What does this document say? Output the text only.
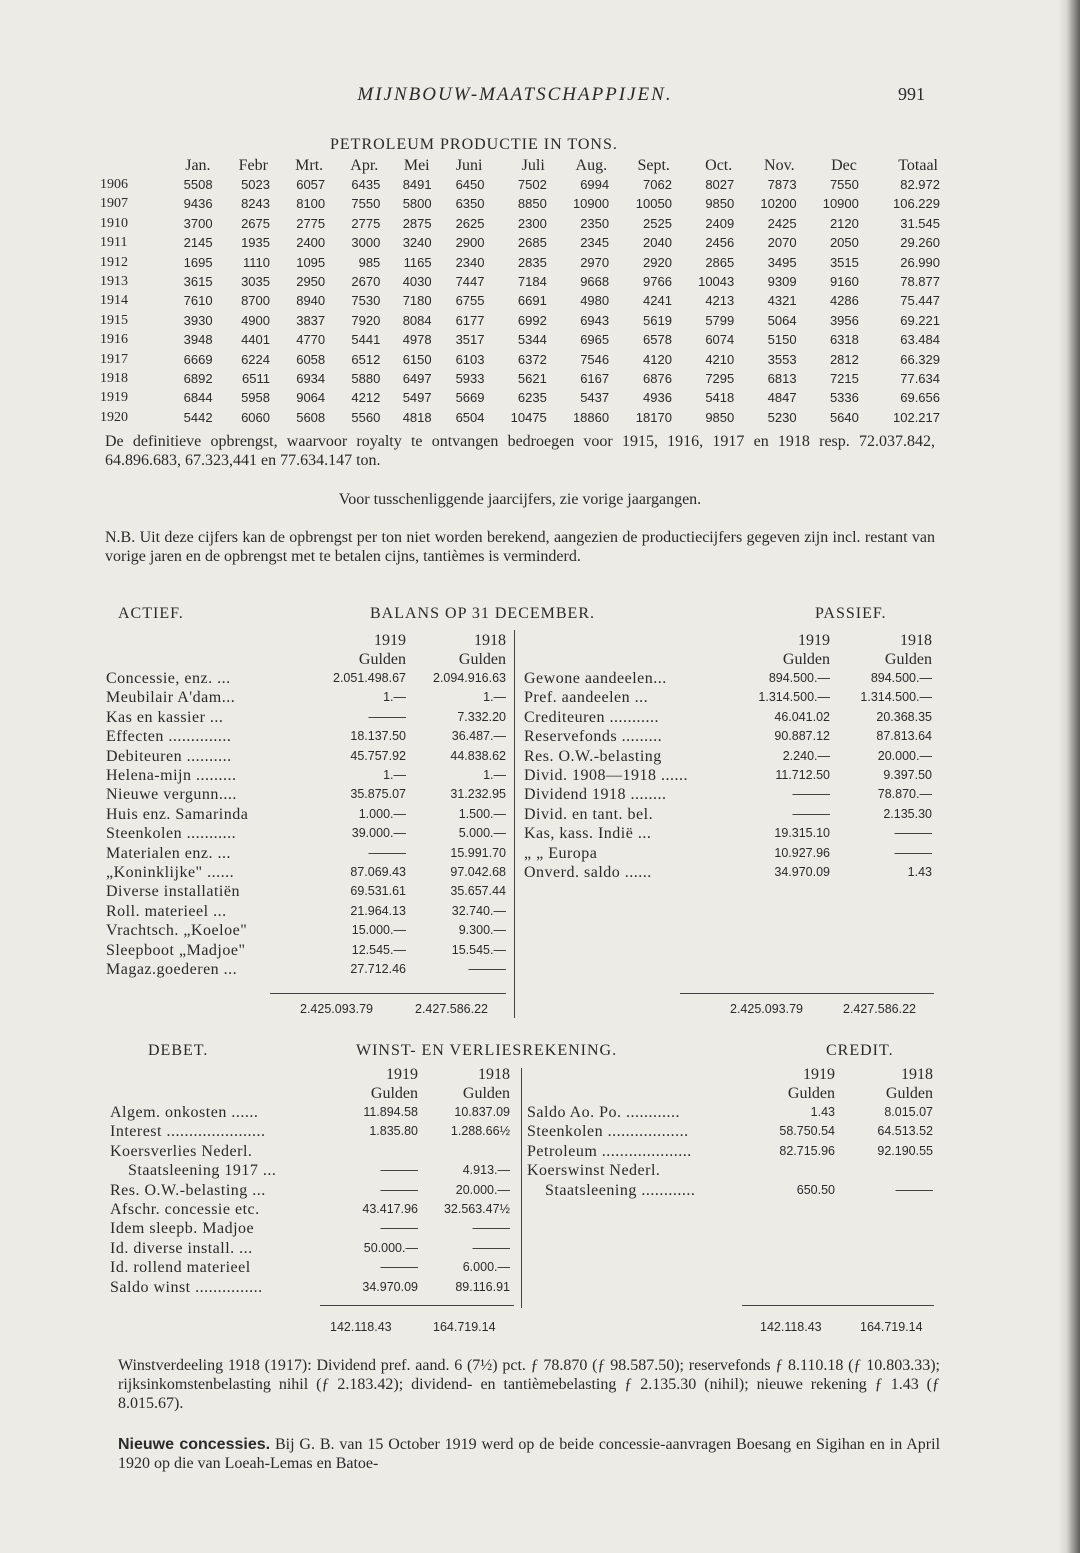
MIJNBOUW-MAATSCHAPPIJEN.	991
PETROLEUM PRODUCTIE IN TONS.
	Jan.	Febr	Mrt.	Apr.	Mei	Juni	Juli	Aug.	Sept.	Oct.	Nov.	Dec	Totaal
1906	5508	5023	6057	6435	8491	6450	7502	6994	7062	8027	7873	7550	82.972
1907	9436	8243	8100	7550	5800	6350	8850	10900	10050	9850	10200	10900	106.229
1910	3700	2675	2775	2775	2875	2625	2300	2350	2525	2409	2425	2120	31.545
1911	2145	1935	2400	3000	3240	2900	2685	2345	2040	2456	2070	2050	29.260
1912	1695	1110	1095	985	1165	2340	2835	2970	2920	2865	3495	3515	26.990
1913	3615	3035	2950	2670	4030	7447	7184	9668	9766	10043	9309	9160	78.877
1914	7610	8700	8940	7530	7180	6755	6691	4980	4241	4213	4321	4286	75.447
1915	3930	4900	3837	7920	8084	6177	6992	6943	5619	5799	5064	3956	69.221
1916	3948	4401	4770	5441	4978	3517	5344	6965	6578	6074	5150	6318	63.484
1917	6669	6224	6058	6512	6150	6103	6372	7546	4120	4210	3553	2812	66.329
1918	6892	6511	6934	5880	6497	5933	5621	6167	6876	7295	6813	7215	77.634
1919	6844	5958	9064	4212	5497	5669	6235	5437	4936	5418	4847	5336	69.656
1920	5442	6060	5608	5560	4818	6504	10475	18860	18170	9850	5230	5640	102.217
De definitieve opbrengst, waarvoor royalty te ontvangen bedroegen voor 1915, 1916, 1917 en 1918 resp. 72.037.842, 64.896.683, 67.323,441 en 77.634.147 ton.
Voor tusschenliggende jaarcijfers, zie vorige jaargangen.
N.B. Uit deze cijfers kan de opbrengst per ton niet worden berekend, aangezien de productiecijfers gegeven zijn incl. restant van vorige jaren en de opbrengst met te betalen cijns, tantièmes is verminderd.
ACTIEF.	BALANS OP 31 DECEMBER.	PASSIEF.
	1919	1918
	Gulden	Gulden
Concessie, enz. ...	2.051.498.67	2.094.916.63
Meubilair A'dam...	1.—	1.—
Kas en kassier ...	———	7.332.20
Effecten ..............	18.137.50	36.487.—
Debiteuren ..........	45.757.92	44.838.62
Helena-mijn .........	1.—	1.—
Nieuwe vergunn....	35.875.07	31.232.95
Huis enz. Samarinda	1.000.—	1.500.—
Steenkolen ...........	39.000.—	5.000.—
Materialen enz. ...	———	15.991.70
„Koninklijke" ......	87.069.43	97.042.68
Diverse installatiën	69.531.61	35.657.44
Roll. materieel ...	21.964.13	32.740.—
Vrachtsch. „Koeloe"	15.000.—	9.300.—
Sleepboot „Madjoe"	12.545.—	15.545.—
Magaz.goederen ...	27.712.46	———
	1919	1918
	Gulden	Gulden
Gewone aandeelen...	894.500.—	894.500.—
Pref. aandeelen ...	1.314.500.—	1.314.500.—
Crediteuren ...........	46.041.02	20.368.35
Reservefonds .........	90.887.12	87.813.64
Res. O.W.-belasting	2.240.—	20.000.—
Divid. 1908—1918 ......	11.712.50	9.397.50
Dividend 1918 ........	———	78.870.—
Divid. en tant. bel.	———	2.135.30
Kas, kass. Indië ...	19.315.10	———
„ „ Europa	10.927.96	———
Onverd. saldo ......	34.970.09	1.43
2.425.093.79	2.427.586.22	2.425.093.79	2.427.586.22
DEBET.	WINST- EN VERLIESREKENING.	CREDIT.
	1919	1918
	Gulden	Gulden
Algem. onkosten ......	11.894.58	10.837.09
Interest ......................	1.835.80	1.288.66½
Koersverlies Nederl.		
Staatsleening 1917 ...	———	4.913.—
Res. O.W.-belasting ...	———	20.000.—
Afschr. concessie etc.	43.417.96	32.563.47½
Idem sleepb. Madjoe	———	———
Id. diverse install. ...	50.000.—	———
Id. rollend materieel	———	6.000.—
Saldo winst ...............	34.970.09	89.116.91
	1919	1918
	Gulden	Gulden
Saldo Ao. Po. ............	1.43	8.015.07
Steenkolen ..................	58.750.54	64.513.52
Petroleum ....................	82.715.96	92.190.55
Koerswinst Nederl.		
Staatsleening ............	650.50	———
142.118.43	164.719.14	142.118.43	164.719.14
Winstverdeeling 1918 (1917): Dividend pref. aand. 6 (7½) pct. ƒ 78.870 (ƒ 98.587.50); reservefonds ƒ 8.110.18 (ƒ 10.803.33); rijksinkomstenbelasting nihil (ƒ 2.183.42); dividend- en tantièmebelasting ƒ 2.135.30 (nihil); nieuwe rekening ƒ 1.43 (ƒ 8.015.67).
Nieuwe concessies. Bij G. B. van 15 October 1919 werd op de beide concessie-aanvragen Boesang en Sigihan en in April 1920 op die van Loeah-Lemas en Batoe-
